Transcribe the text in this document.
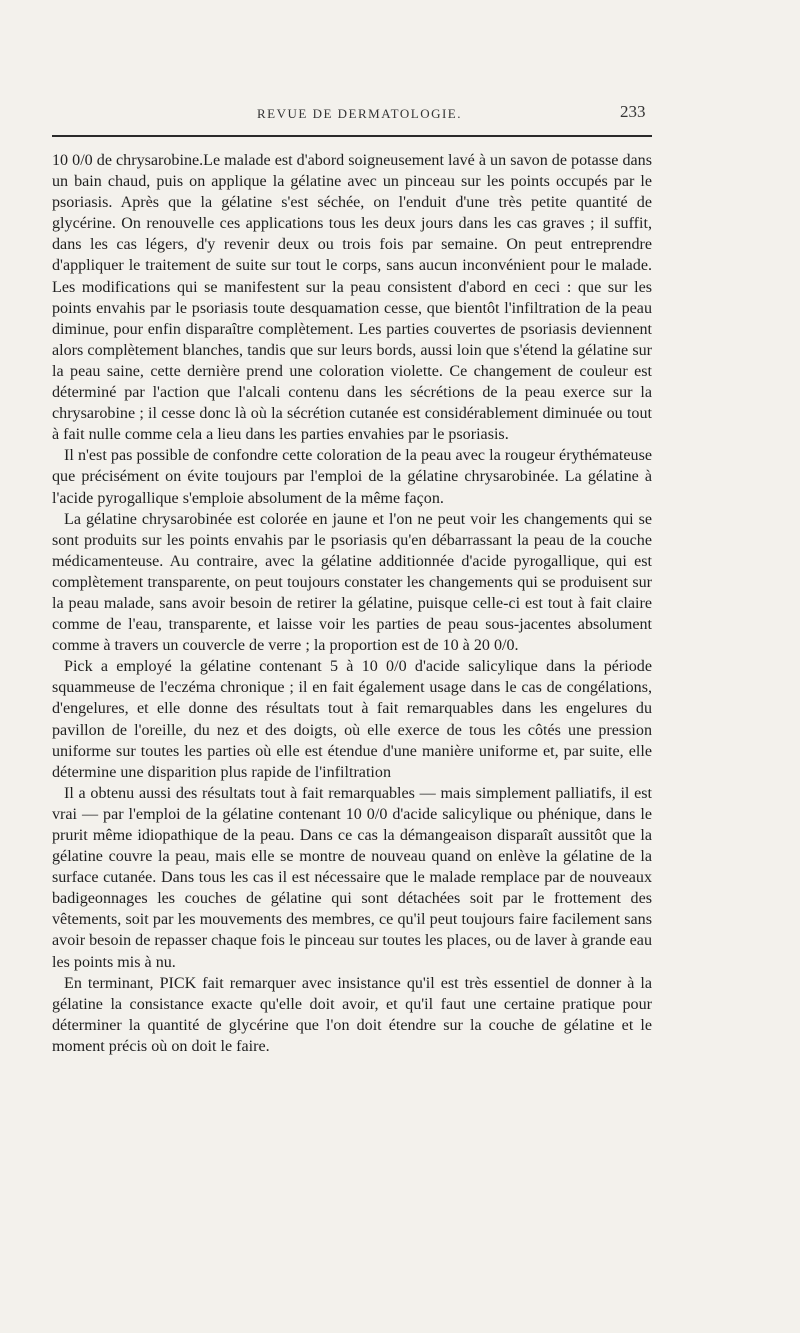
REVUE DE DERMATOLOGIE.	233

10 0/0 de chrysarobine.Le malade est d'abord soigneusement lavé à un savon de potasse dans un bain chaud, puis on applique la gélatine avec un pinceau sur les points occupés par le psoriasis. Après que la gélatine s'est séchée, on l'enduit d'une très petite quantité de glycérine. On renouvelle ces applications tous les deux jours dans les cas graves ; il suffit, dans les cas légers, d'y revenir deux ou trois fois par semaine. On peut entreprendre d'appliquer le traitement de suite sur tout le corps, sans aucun inconvénient pour le malade. Les modifications qui se manifestent sur la peau consistent d'abord en ceci : que sur les points envahis par le psoriasis toute desquamation cesse, que bientôt l'infiltration de la peau diminue, pour enfin disparaître complètement. Les parties couvertes de psoriasis deviennent alors complètement blanches, tandis que sur leurs bords, aussi loin que s'étend la gélatine sur la peau saine, cette dernière prend une coloration violette. Ce changement de couleur est déterminé par l'action que l'alcali contenu dans les sécrétions de la peau exerce sur la chrysarobine ; il cesse donc là où la sécrétion cutanée est considérablement diminuée ou tout à fait nulle comme cela a lieu dans les parties envahies par le psoriasis.

Il n'est pas possible de confondre cette coloration de la peau avec la rougeur érythémateuse que précisément on évite toujours par l'emploi de la gélatine chrysarobinée. La gélatine à l'acide pyrogallique s'emploie absolument de la même façon.

La gélatine chrysarobinée est colorée en jaune et l'on ne peut voir les changements qui se sont produits sur les points envahis par le psoriasis qu'en débarrassant la peau de la couche médicamenteuse. Au contraire, avec la gélatine additionnée d'acide pyrogallique, qui est complètement transparente, on peut toujours constater les changements qui se produisent sur la peau malade, sans avoir besoin de retirer la gélatine, puisque celle-ci est tout à fait claire comme de l'eau, transparente, et laisse voir les parties de peau sous-jacentes absolument comme à travers un couvercle de verre ; la proportion est de 10 à 20 0/0.

Pick a employé la gélatine contenant 5 à 10 0/0 d'acide salicylique dans la période squammeuse de l'eczéma chronique ; il en fait également usage dans le cas de congélations, d'engelures, et elle donne des résultats tout à fait remarquables dans les engelures du pavillon de l'oreille, du nez et des doigts, où elle exerce de tous les côtés une pression uniforme sur toutes les parties où elle est étendue d'une manière uniforme et, par suite, elle détermine une disparition plus rapide de l'infiltration

Il a obtenu aussi des résultats tout à fait remarquables — mais simplement palliatifs, il est vrai — par l'emploi de la gélatine contenant 10 0/0 d'acide salicylique ou phénique, dans le prurit même idiopathique de la peau. Dans ce cas la démangeaison disparaît aussitôt que la gélatine couvre la peau, mais elle se montre de nouveau quand on enlève la gélatine de la surface cutanée. Dans tous les cas il est nécessaire que le malade remplace par de nouveaux badigeonnages les couches de gélatine qui sont détachées soit par le frottement des vêtements, soit par les mouvements des membres, ce qu'il peut toujours faire facilement sans avoir besoin de repasser chaque fois le pinceau sur toutes les places, ou de laver à grande eau les points mis à nu.

En terminant, PICK fait remarquer avec insistance qu'il est très essentiel de donner à la gélatine la consistance exacte qu'elle doit avoir, et qu'il faut une certaine pratique pour déterminer la quantité de glycérine que l'on doit étendre sur la couche de gélatine et le moment précis où on doit le faire.
